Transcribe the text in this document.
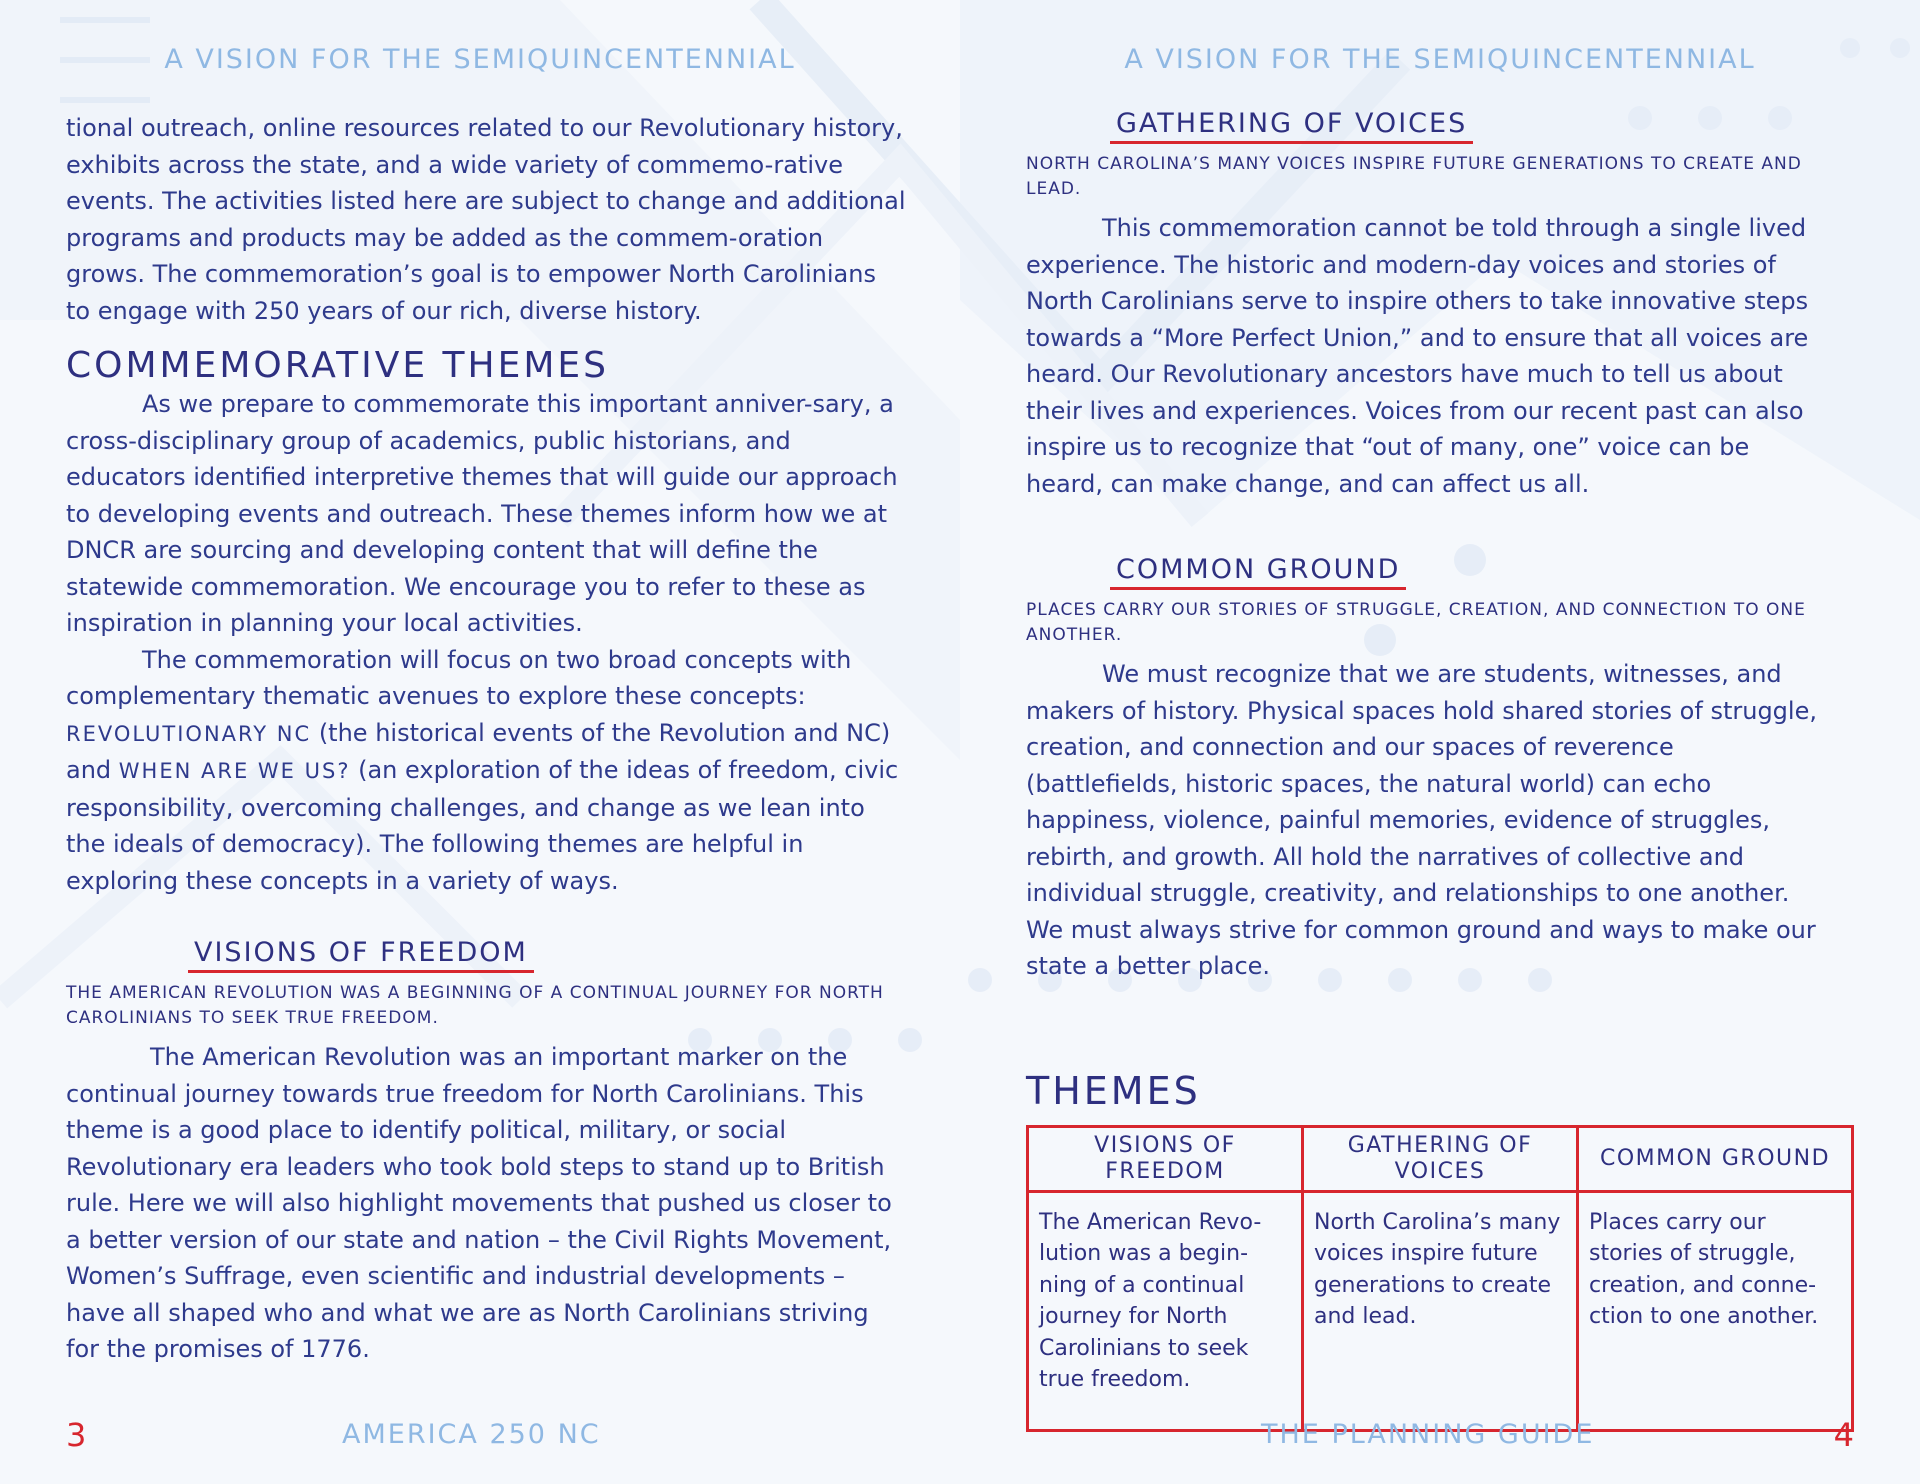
A VISION FOR THE SEMIQUINCENTENNIAL

tional outreach, online resources related to our Revolutionary history, exhibits across the state, and a wide variety of commemo-rative events. The activities listed here are subject to change and additional programs and products may be added as the commem-oration grows. The commemoration’s goal is to empower North Carolinians to engage with 250 years of our rich, diverse history.

COMMEMORATIVE THEMES

As we prepare to commemorate this important anniver-sary, a cross-disciplinary group of academics, public historians, and educators identified interpretive themes that will guide our approach to developing events and outreach. These themes inform how we at DNCR are sourcing and developing content that will define the statewide commemoration. We encourage you to refer to these as inspiration in planning your local activities.

The commemoration will focus on two broad concepts with complementary thematic avenues to explore these concepts: REVOLUTIONARY NC (the historical events of the Revolution and NC) and WHEN ARE WE US? (an exploration of the ideas of freedom, civic responsibility, overcoming challenges, and change as we lean into the ideals of democracy). The following themes are helpful in exploring these concepts in a variety of ways.

VISIONS OF FREEDOM

THE AMERICAN REVOLUTION WAS A BEGINNING OF A CONTINUAL JOURNEY FOR NORTH CAROLINIANS TO SEEK TRUE FREEDOM.

The American Revolution was an important marker on the continual journey towards true freedom for North Carolinians. This theme is a good place to identify political, military, or social Revolutionary era leaders who took bold steps to stand up to British rule. Here we will also highlight movements that pushed us closer to a better version of our state and nation – the Civil Rights Movement, Women’s Suffrage, even scientific and industrial developments – have all shaped who and what we are as North Carolinians striving for the promises of 1776.

3	AMERICA 250 NC
A VISION FOR THE SEMIQUINCENTENNIAL
GATHERING OF VOICES

NORTH CAROLINA’S MANY VOICES INSPIRE FUTURE GENERATIONS TO CREATE AND LEAD.

This commemoration cannot be told through a single lived experience. The historic and modern-day voices and stories of North Carolinians serve to inspire others to take innovative steps towards a “More Perfect Union,” and to ensure that all voices are heard. Our Revolutionary ancestors have much to tell us about their lives and experiences. Voices from our recent past can also inspire us to recognize that “out of many, one” voice can be heard, can make change, and can affect us all.

COMMON GROUND

PLACES CARRY OUR STORIES OF STRUGGLE, CREATION, AND CONNECTION TO ONE ANOTHER.

We must recognize that we are students, witnesses, and makers of history. Physical spaces hold shared stories of struggle, creation, and connection and our spaces of reverence (battlefields, historic spaces, the natural world) can echo happiness, violence, painful memories, evidence of struggles, rebirth, and growth. All hold the narratives of collective and individual struggle, creativity, and relationships to one another. We must always strive for common ground and ways to make our state a better place.

THEMES
VISIONS OF FREEDOM	GATHERING OF VOICES	COMMON GROUND
The American Revo-lution was a begin-ning of a continual journey for North Carolinians to seek true freedom.	North Carolina’s many voices inspire future generations to create and lead.	Places carry our stories of struggle, creation, and conne-ction to one another.
THE PLANNING GUIDE	4
